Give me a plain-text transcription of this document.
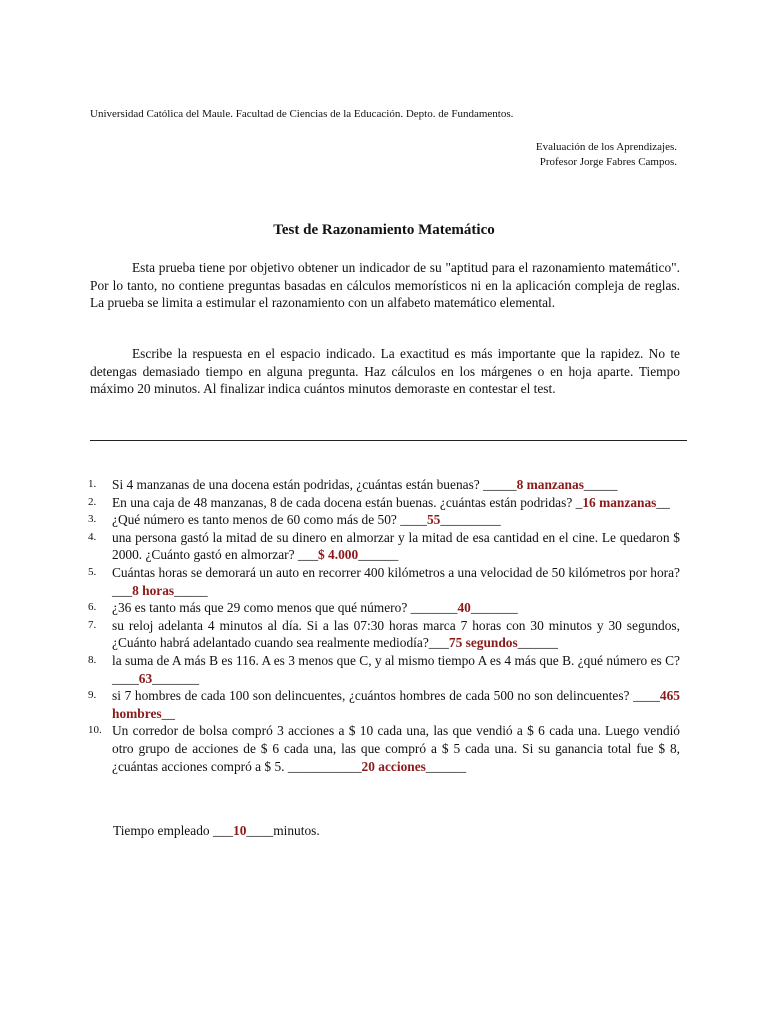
Universidad Católica del Maule. Facultad de Ciencias de la Educación. Depto. de Fundamentos.
Evaluación de los Aprendizajes.
Profesor Jorge Fabres Campos.
Test de Razonamiento Matemático

Esta prueba tiene por objetivo obtener un indicador de su "aptitud para el razonamiento matemático". Por lo tanto, no contiene preguntas basadas en cálculos memorísticos ni en la aplicación compleja de reglas. La prueba se limita a estimular el razonamiento con un alfabeto matemático elemental.

Escribe la respuesta en el espacio indicado. La exactitud es más importante que la rapidez. No te detengas demasiado tiempo en alguna pregunta. Haz cálculos en los márgenes o en hoja aparte. Tiempo máximo 20 minutos. Al finalizar indica cuántos minutos demoraste en contestar el test.

1. Si 4 manzanas de una docena están podridas, ¿cuántas están buenas? _____8 manzanas_____
2. En una caja de 48 manzanas, 8 de cada docena están buenas. ¿cuántas están podridas? _16 manzanas__
3. ¿Qué número es tanto menos de 60 como más de 50? ____55_________
4. una persona gastó la mitad de su dinero en almorzar y la mitad de esa cantidad en el cine. Le quedaron $ 2000. ¿Cuánto gastó en almorzar? ___$ 4.000______
5. Cuántas horas se demorará un auto en recorrer 400 kilómetros a una velocidad de 50 kilómetros por hora? ___8 horas_____
6. ¿36 es tanto más que 29 como menos que qué número? _______40_______
7. su reloj adelanta 4 minutos al día. Si a las 07:30 horas marca 7 horas con 30 minutos y 30 segundos, ¿Cuánto habrá adelantado cuando sea realmente mediodía?___75 segundos______
8. la suma de A más B es 116. A es 3 menos que C, y al mismo tiempo A es 4 más que B. ¿qué número es C? ____63_______
9. si 7 hombres de cada 100 son delincuentes, ¿cuántos hombres de cada 500 no son delincuentes? ____465 hombres__
10. Un corredor de bolsa compró 3 acciones a $ 10 cada una, las que vendió a $ 6 cada una. Luego vendió otro grupo de acciones de $ 6 cada una, las que compró a $ 5 cada una. Si su ganancia total fue $ 8, ¿cuántas acciones compró a $ 5. ___________20 acciones______
Tiempo empleado ___10____minutos.
